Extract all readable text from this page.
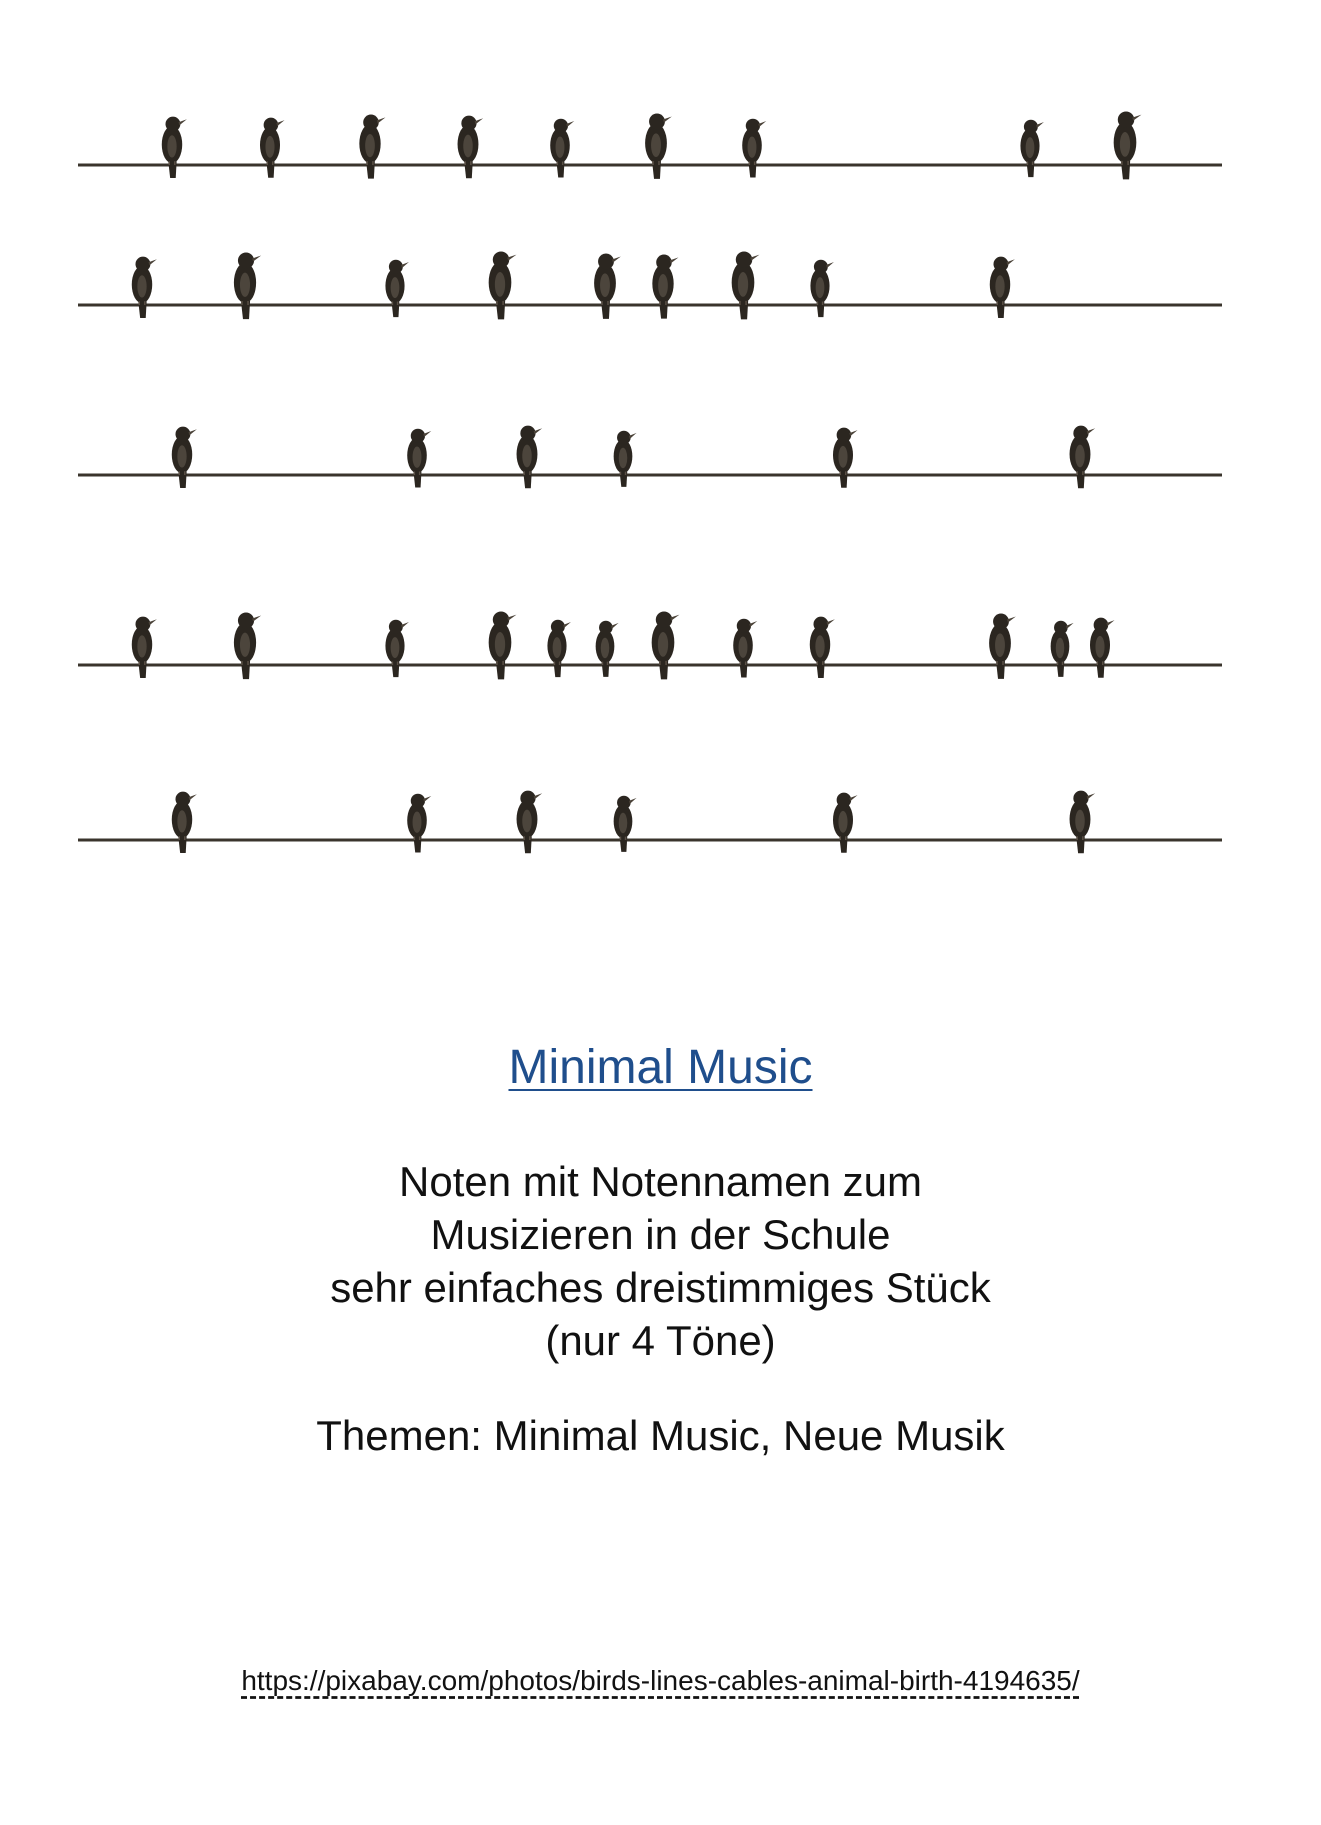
Minimal Music
Noten mit Notennamen zum
Musizieren in der Schule
sehr einfaches dreistimmiges Stück
(nur 4 Töne)
Themen: Minimal Music, Neue Musik
https://pixabay.com/photos/birds-lines-cables-animal-birth-4194635/
